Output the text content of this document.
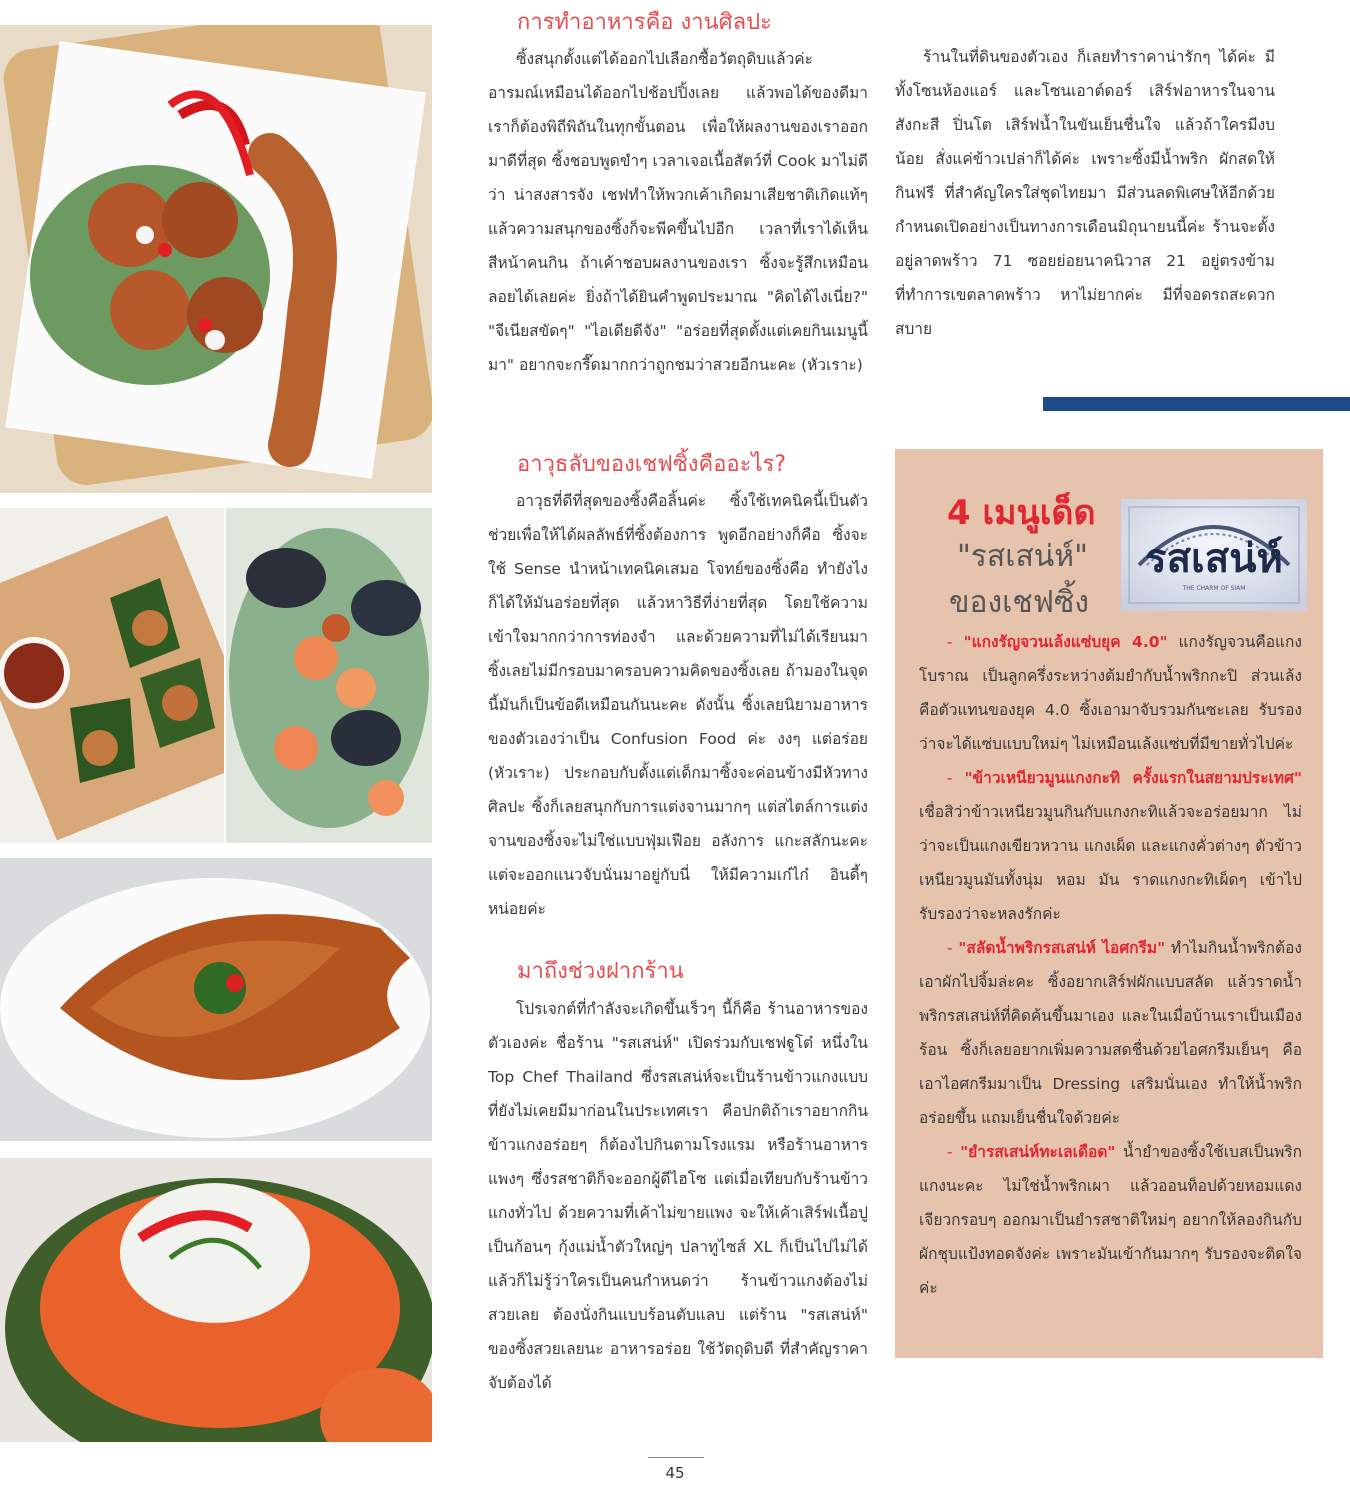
การทำอาหารคือ งานศิลปะ

ซิ้งสนุกตั้งแต่ได้ออกไปเลือกซื้อวัตถุดิบแล้วค่ะ อารมณ์เหมือนได้ออกไปช้อปปิ้งเลย แล้วพอได้ของดีมา เราก็ต้องพิถีพิถันในทุกขั้นตอน เพื่อให้ผลงานของเราออกมาดีที่สุด ซิ้งชอบพูดขำๆ เวลาเจอเนื้อสัตว์ที่ Cook มาไม่ดีว่า น่าสงสารจัง เชฟทำให้พวกเค้าเกิดมาเสียชาติเกิดแท้ๆ แล้วความสนุกของซิ้งก็จะพีคขึ้นไปอีก เวลาที่เราได้เห็นสีหน้าคนกิน ถ้าเค้าชอบผลงานของเรา ซิ้งจะรู้สึกเหมือนลอยได้เลยค่ะ ยิ่งถ้าได้ยินคำพูดประมาณ "คิดได้ไงเนี่ย?" "จีเนียสขัดๆ" "ไอเดียดีจัง" "อร่อยที่สุดตั้งแต่เคยกินเมนูนี้มา" อยากจะกรี๊ดมากกว่าถูกชมว่าสวยอีกนะคะ (หัวเราะ)

อาวุธลับของเชฟซิ้งคืออะไร?

อาวุธที่ดีที่สุดของซิ้งคือลิ้นค่ะ ซิ้งใช้เทคนิคนี้เป็นตัวช่วยเพื่อให้ได้ผลลัพธ์ที่ซิ้งต้องการ พูดอีกอย่างก็คือ ซิ้งจะใช้ Sense นำหน้าเทคนิคเสมอ โจทย์ของซิ้งคือ ทำยังไงก็ได้ให้มันอร่อยที่สุด แล้วหาวิธีที่ง่ายที่สุด โดยใช้ความเข้าใจมากกว่าการท่องจำ และด้วยความที่ไม่ได้เรียนมา ซิ้งเลยไม่มีกรอบมาครอบความคิดของซิ้งเลย ถ้ามองในจุดนี้มันก็เป็นข้อดีเหมือนกันนะคะ ดังนั้น ซิ้งเลยนิยามอาหารของตัวเองว่าเป็น Confusion Food ค่ะ งงๆ แต่อร่อย (หัวเราะ) ประกอบกับตั้งแต่เด็กมาซิ้งจะค่อนข้างมีหัวทางศิลปะ ซิ้งก็เลยสนุกกับการแต่งจานมากๆ แต่สไตล์การแต่งจานของซิ้งจะไม่ใช่แบบฟุ่มเฟือย อลังการ แกะสลักนะคะ แต่จะออกแนวจับนั่นมาอยู่กับนี่ ให้มีความเก๋ไก๋ อินดี้ๆ หน่อยค่ะ

มาถึงช่วงฝากร้าน

โปรเจกต์ที่กำลังจะเกิดขึ้นเร็วๆ นี้ก็คือ ร้านอาหารของตัวเองค่ะ ชื่อร้าน "รสเสน่ห์" เปิดร่วมกับเชฟฐูโต๋ หนึ่งใน Top Chef Thailand ซึ่งรสเสน่ห์จะเป็นร้านข้าวแกงแบบที่ยังไม่เคยมีมาก่อนในประเทศเรา คือปกติถ้าเราอยากกินข้าวแกงอร่อยๆ ก็ต้องไปกินตามโรงแรม หรือร้านอาหารแพงๆ ซึ่งรสชาติก็จะออกผู้ดีไฮโซ แต่เมื่อเทียบกับร้านข้าวแกงทั่วไป ด้วยความที่เค้าไม่ขายแพง จะให้เค้าเสิร์ฟเนื้อปูเป็นก้อนๆ กุ้งแม่น้ำตัวใหญ่ๆ ปลาทูไซส์ XL ก็เป็นไปไม่ได้ แล้วก็ไม่รู้ว่าใครเป็นคนกำหนดว่า ร้านข้าวแกงต้องไม่สวยเลย ต้องนั่งกินแบบร้อนตับแลบ แต่ร้าน "รสเสน่ห์" ของซิ้งสวยเลยนะ อาหารอร่อย ใช้วัตถุดิบดี ที่สำคัญราคาจับต้องได้

ร้านในที่ดินของตัวเอง ก็เลยทำราคาน่ารักๆ ได้ค่ะ มีทั้งโซนห้องแอร์ และโซนเอาต์ดอร์ เสิร์ฟอาหารในจานสังกะสี ปิ่นโต เสิร์ฟน้ำในขันเย็นชื่นใจ แล้วถ้าใครมีงบน้อย สั่งแค่ข้าวเปล่าก็ได้ค่ะ เพราะซิ้งมีน้ำพริก ผักสดให้กินฟรี ที่สำคัญใครใส่ชุดไทยมา มีส่วนลดพิเศษให้อีกด้วย กำหนดเปิดอย่างเป็นทางการเดือนมิถุนายนนี้ค่ะ ร้านจะตั้งอยู่ลาดพร้าว 71 ซอยย่อยนาคนิวาส 21 อยู่ตรงข้ามที่ทำการเขตลาดพร้าว หาไม่ยากค่ะ มีที่จอดรถสะดวกสบาย

4 เมนูเด็ด
"รสเสน่ห์"
ของเชฟซิ้ง
รสเสน่ห์
THE CHARM OF SIAM

- "แกงรัญจวนเล้งแซ่บยุค 4.0" แกงรัญจวนคือแกงโบราณ เป็นลูกครึ่งระหว่างต้มยำกับน้ำพริกกะปิ ส่วนเล้งคือตัวแทนของยุค 4.0 ซิ้งเอามาจับรวมกันซะเลย รับรองว่าจะได้แซ่บแบบใหม่ๆ ไม่เหมือนเล้งแซ่บที่มีขายทั่วไปค่ะ

- "ข้าวเหนียวมูนแกงกะทิ ครั้งแรกในสยามประเทศ" เชื่อสิว่าข้าวเหนียวมูนกินกับแกงกะทิแล้วจะอร่อยมาก ไม่ว่าจะเป็นแกงเขียวหวาน แกงเผ็ด และแกงคั่วต่างๆ ตัวข้าวเหนียวมูนมันทั้งนุ่ม หอม มัน ราดแกงกะทิเผ็ดๆ เข้าไป รับรองว่าจะหลงรักค่ะ

- "สลัดน้ำพริกรสเสน่ห์ ไอศกรีม" ทำไมกินน้ำพริกต้องเอาผักไปจิ้มล่ะคะ ซิ้งอยากเสิร์ฟผักแบบสลัด แล้วราดน้ำพริกรสเสน่ห์ที่คิดค้นขึ้นมาเอง และในเมื่อบ้านเราเป็นเมืองร้อน ซิ้งก็เลยอยากเพิ่มความสดชื่นด้วยไอศกรีมเย็นๆ คือเอาไอศกรีมมาเป็น Dressing เสริมนั่นเอง ทำให้น้ำพริกอร่อยขึ้น แถมเย็นชื่นใจด้วยค่ะ

- "ยำรสเสน่ห์ทะเลเดือด" น้ำยำของซิ้งใช้เบสเป็นพริกแกงนะคะ ไม่ใช่น้ำพริกเผา แล้วออนท็อปด้วยหอมแดงเจียวกรอบๆ ออกมาเป็นยำรสชาติใหม่ๆ อยากให้ลองกินกับผักชุบแป้งทอดจังค่ะ เพราะมันเข้ากันมากๆ รับรองจะติดใจค่ะ

45
